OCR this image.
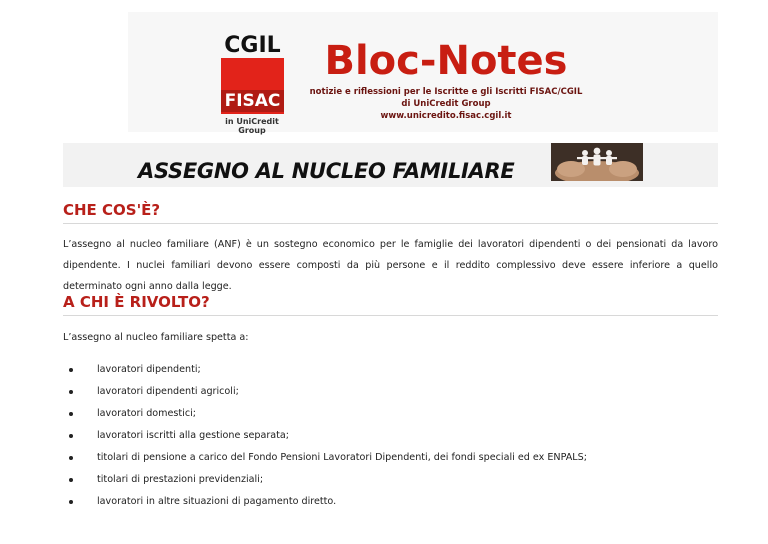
CGIL
FISAC
in UniCredit Group
Bloc-Notes
notizie e riflessioni per le Iscritte e gli Iscritti FISAC/CGIL
di UniCredit Group
www.unicredito.fisac.cgil.it
ASSEGNO AL NUCLEO FAMILIARE
CHE COS'È?
L’assegno al nucleo familiare (ANF) è un sostegno economico per le famiglie dei lavoratori dipendenti o dei pensionati da lavoro dipendente. I nuclei familiari devono essere composti da più persone e il reddito complessivo deve essere inferiore a quello determinato ogni anno dalla legge.
A CHI È RIVOLTO?
L’assegno al nucleo familiare spetta a:
lavoratori dipendenti;
lavoratori dipendenti agricoli;
lavoratori domestici;
lavoratori iscritti alla gestione separata;
titolari di pensione a carico del Fondo Pensioni Lavoratori Dipendenti, dei fondi speciali ed ex ENPALS;
titolari di prestazioni previdenziali;
lavoratori in altre situazioni di pagamento diretto.
